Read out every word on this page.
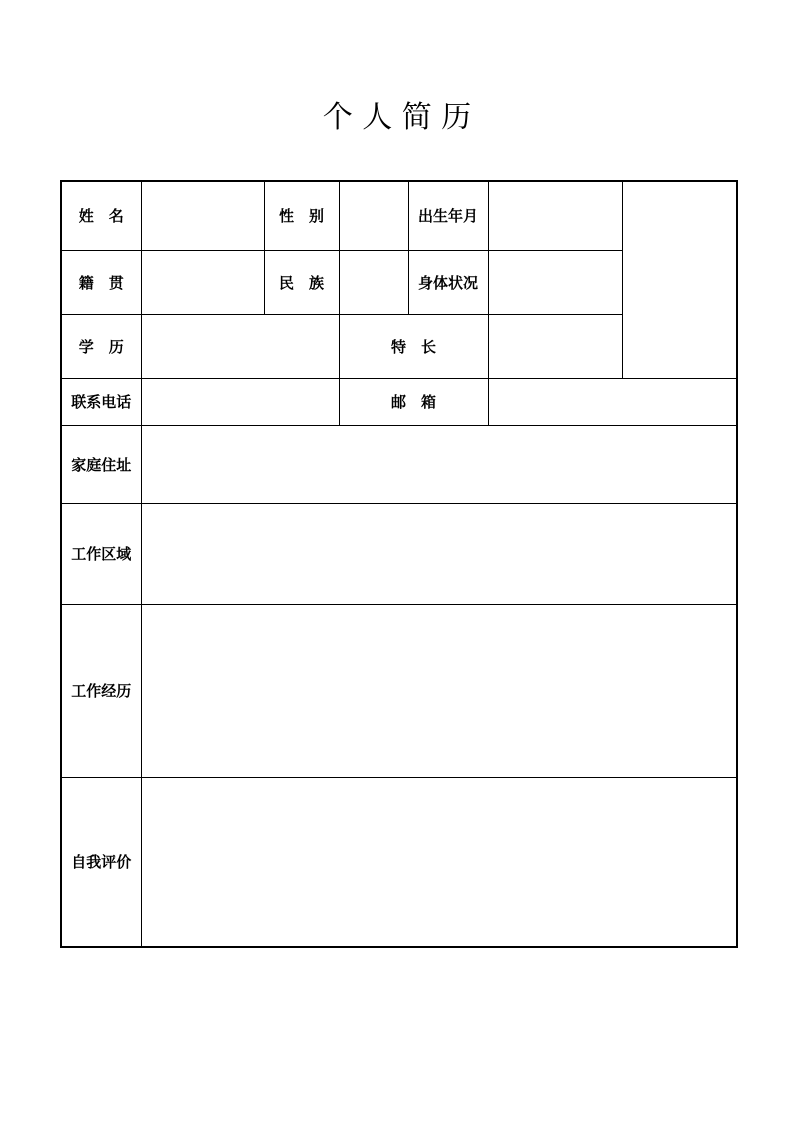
个 人 简 历
姓　名		性　别		出生年月		
籍　贯		民　族		身体状况		
学　历			特　长			
联系电话			邮　箱			
家庭住址						
工作区域						
工作经历						
自我评价						
